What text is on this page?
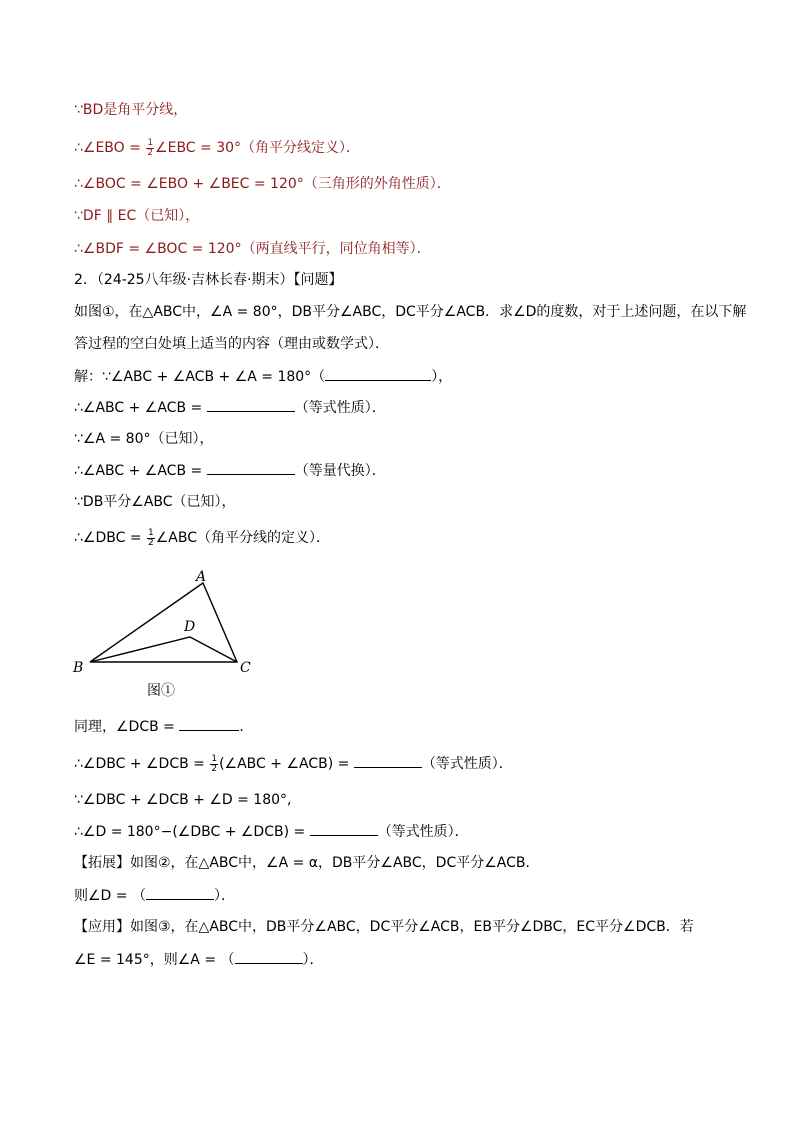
∵BD是角平分线，
∴∠EBO = $\frac{1}{2}$ ∠EBC = 30°（角平分线定义）．
∴∠BOC = ∠EBO + ∠BEC = 120°（三角形的外角性质）．
∵DF ∥ EC（已知），
∴∠BDF = ∠BOC = 120°（两直线平行，同位角相等）．
2．（24-25八年级·吉林长春·期末）【问题】
如图①，在△ABC中，∠A = 80°，DB平分∠ABC，DC平分∠ACB．求∠D的度数，对于上述问题，在以下解
答过程的空白处填上适当的内容（理由或数学式）．
解：∵∠ABC + ∠ACB + ∠A = 180°（	），
∴∠ABC + ∠ACB =	（等式性质）．
∵∠A = 80°（已知），
∴∠ABC + ∠ACB =	（等量代换）．
∵DB平分∠ABC（已知），
∴∠DBC = $\frac{1}{2}$ ∠ABC（角平分线的定义）．
A
B	C
D
图①
同理，∠DCB =	．
∴∠DBC + ∠DCB = $\frac{1}{2}$ (∠ABC + ∠ACB) =	（等式性质）．
∵∠DBC + ∠DCB + ∠D = 180°,
∴∠D = 180°−(∠DBC + ∠DCB) =	（等式性质）．
【拓展】如图②，在△ABC中，∠A = α，DB平分∠ABC，DC平分∠ACB．
则∠D = （	）．
【应用】如图③，在△ABC中，DB平分∠ABC，DC平分∠ACB，EB平分∠DBC，EC平分∠DCB．若
∠E = 145°，则∠A = （	）．
